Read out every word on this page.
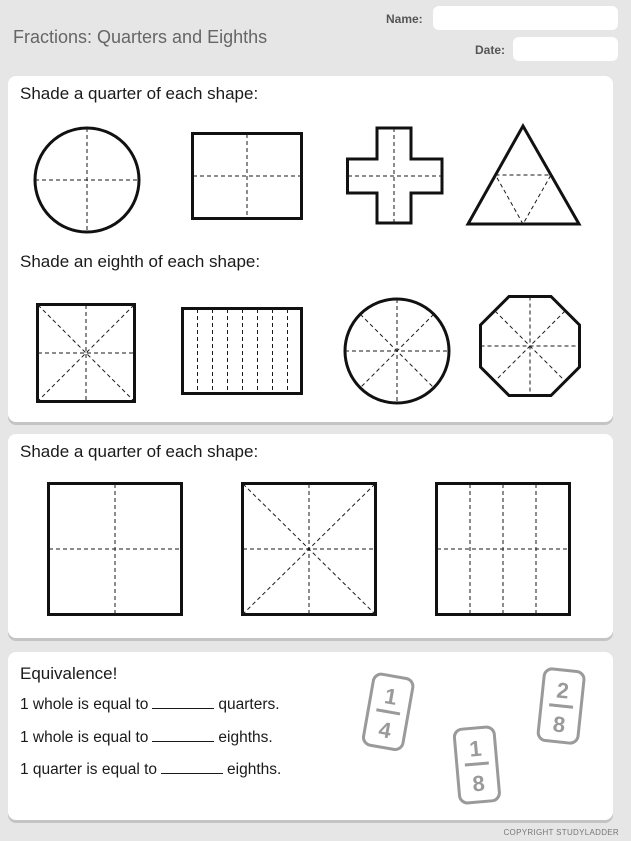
Fractions: Quarters and Eighths
Name:
Date:
Shade a quarter of each shape:
Shade an eighth of each shape:
Shade a quarter of each shape:
Equivalence!
1 whole is equal to	quarters.
1 whole is equal to	eighths.
1 quarter is equal to	eighths.
1
4
1
8
2
8
COPYRIGHT STUDYLADDER
